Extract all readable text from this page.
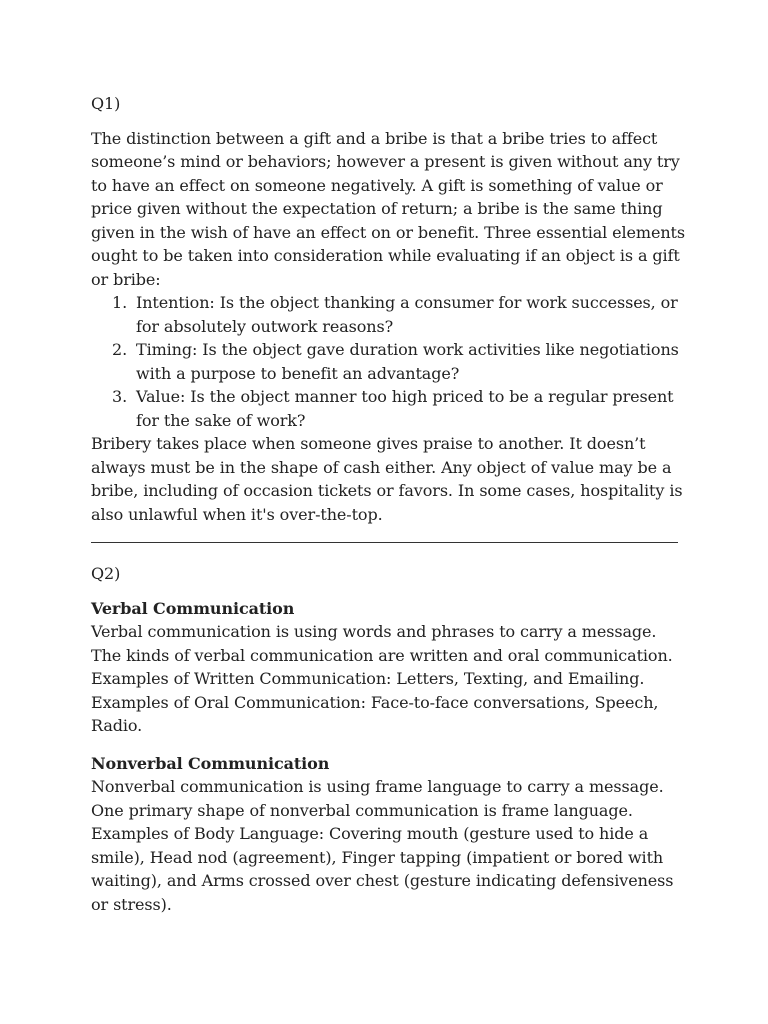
Q1)

The distinction between a gift and a bribe is that a bribe tries to affect someone’s mind or behaviors; however a present is given without any try to have an effect on someone negatively. A gift is something of value or price given without the expectation of return; a bribe is the same thing given in the wish of have an effect on or benefit. Three essential elements ought to be taken into consideration while evaluating if an object is a gift or bribe:

1. Intention: Is the object thanking a consumer for work successes, or for absolutely outwork reasons?
2. Timing: Is the object gave duration work activities like negotiations with a purpose to benefit an advantage?
3. Value: Is the object manner too high priced to be a regular present for the sake of work?

Bribery takes place when someone gives praise to another. It doesn’t always must be in the shape of cash either. Any object of value may be a bribe, including of occasion tickets or favors. In some cases, hospitality is also unlawful when it's over-the-top.

Q2)

Verbal Communication

Verbal communication is using words and phrases to carry a message. The kinds of verbal communication are written and oral communication. Examples of Written Communication: Letters, Texting, and Emailing. Examples of Oral Communication: Face-to-face conversations, Speech, Radio.

Nonverbal Communication

Nonverbal communication is using frame language to carry a message. One primary shape of nonverbal communication is frame language. Examples of Body Language: Covering mouth (gesture used to hide a smile), Head nod (agreement), Finger tapping (impatient or bored with waiting), and Arms crossed over chest (gesture indicating defensiveness or stress).
